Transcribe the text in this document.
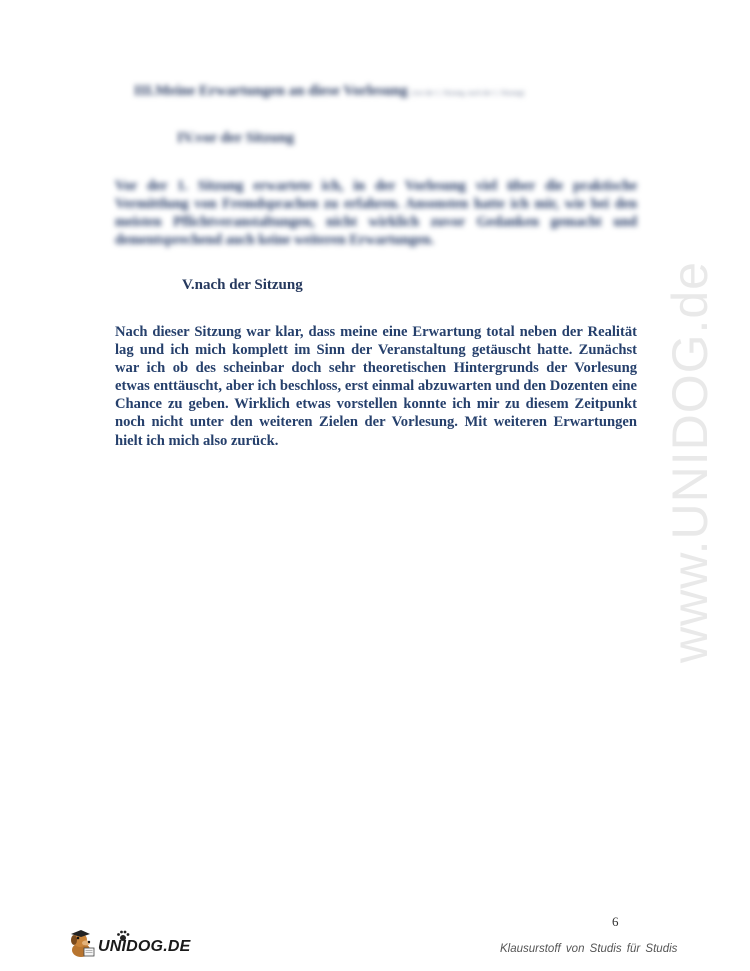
www.UNIDOG.de
III.Meine Erwartungen an diese Vorlesung (vor der 1. Sitzung, nach der 1. Sitzung)
IV.vor der Sitzung
Vor der 1. Sitzung erwartete ich, in der Vorlesung viel über die praktische Vermittlung von Fremdsprachen zu erfahren. Ansonsten hatte ich mir, wie bei den meisten Pflichtveranstaltungen, nicht wirklich zuvor Gedanken gemacht und dementsprechend auch keine weiteren Erwartungen.
V.nach der Sitzung

Nach dieser Sitzung war klar, dass meine eine Erwartung total neben der Realität lag und ich mich komplett im Sinn der Veranstaltung getäuscht hatte. Zunächst war ich ob des scheinbar doch sehr theoretischen Hintergrunds der Vorlesung etwas enttäuscht, aber ich beschloss, erst einmal abzuwarten und den Dozenten eine Chance zu geben. Wirklich etwas vorstellen konnte ich mir zu diesem Zeitpunkt noch nicht unter den weiteren Zielen der Vorlesung. Mit weiteren Erwartungen hielt ich mich also zurück.

6
UNIDOG.DE	Klausurstoff von Studis für Studis
